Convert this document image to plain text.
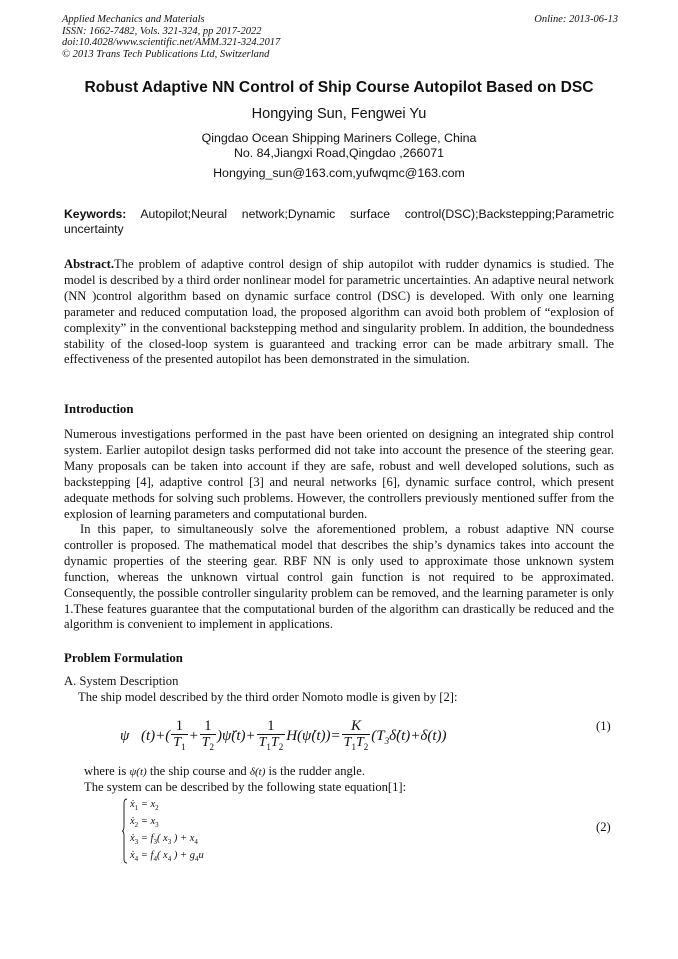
Applied Mechanics and Materials
ISSN: 1662-7482, Vols. 321-324, pp 2017-2022
doi:10.4028/www.scientific.net/AMM.321-324.2017
© 2013 Trans Tech Publications Ltd, Switzerland
Online: 2013-06-13
Robust Adaptive NN Control of Ship Course Autopilot Based on DSC
Hongying Sun, Fengwei Yu
Qingdao Ocean Shipping Mariners College, China
No. 84,Jiangxi Road,Qingdao ,266071
Hongying_sun@163.com,yufwqmc@163.com
Keywords: Autopilot;Neural network;Dynamic surface control(DSC);Backstepping;Parametric uncertainty
Abstract.The problem of adaptive control design of ship autopilot with rudder dynamics is studied. The model is described by a third order nonlinear model for parametric uncertainties. An adaptive neural network (NN )control algorithm based on dynamic surface control (DSC) is developed. With only one learning parameter and reduced computation load, the proposed algorithm can avoid both problem of “explosion of complexity” in the conventional backstepping method and singularity problem. In addition, the boundedness stability of the closed-loop system is guaranteed and tracking error can be made arbitrary small. The effectiveness of the presented autopilot has been demonstrated in the simulation.
Introduction
Numerous investigations performed in the past have been oriented on designing an integrated ship control system. Earlier autopilot design tasks performed did not take into account the presence of the steering gear. Many proposals can be taken into account if they are safe, robust and well developed solutions, such as backstepping [4], adaptive control [3] and neural networks [6], dynamic surface control, which present adequate methods for solving such problems. However, the controllers previously mentioned suffer from the explosion of learning parameters and computational burden.
In this paper, to simultaneously solve the aforementioned problem, a robust adaptive NN course controller is proposed. The mathematical model that describes the ship’s dynamics takes into account the dynamic properties of the steering gear. RBF NN is only used to approximate those unknown system function, whereas the unknown virtual control gain function is not required to be approximated. Consequently, the possible controller singularity problem can be removed, and the learning parameter is only 1.These features guarantee that the computational burden of the algorithm can drastically be reduced and the algorithm is convenient to implement in applications.
Problem Formulation
A. System Description
The ship model described by the third order Nomoto modle is given by [2]:
ψ⃛(t)+( $\frac{1}{T_1} + \frac{1}{T_2}$ )ψ̈(t)+ $\frac{1}{T_1T_2}$ H(ψ̇(t))= $\frac{K}{T_1T_2}$ $(T_3\deltȧ(t)+\delta(t))$
(1)
where is ψ(t) the ship course and δ(t) is the rudder angle.
The system can be described by the following state equation[1]:
$ẋ_1 = x_2$
$ẋ_2 = x_3$
$ẋ_3 = f_3$( $x_3$ ) + $x_4$
$ẋ_4 = f_4$( $x_4$ ) + $g_4u$
(2)
